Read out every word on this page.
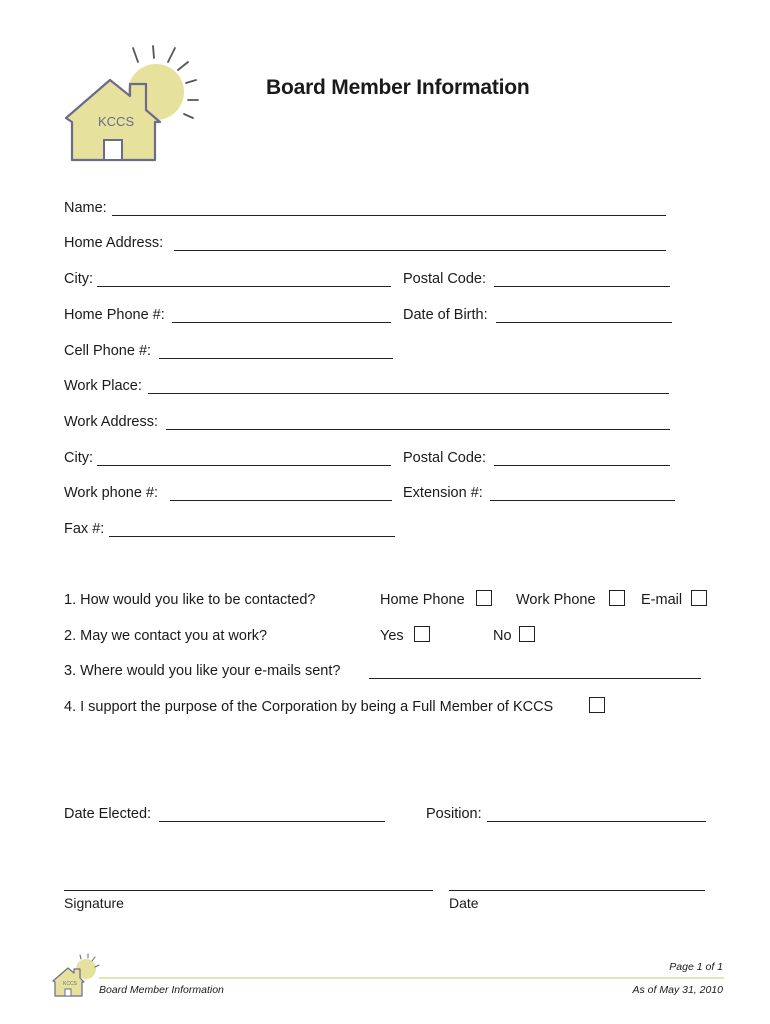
KCCS
Board Member Information
Name:
Home Address:
City:	Postal Code:
Home Phone #:	Date of Birth:
Cell Phone #:
Work Place:
Work Address:
City:	Postal Code:
Work phone #:	Extension #:
Fax #:
1. How would you like to be contacted?	Home Phone	Work Phone	E-mail
2. May we contact you at work?	Yes	No
3. Where would you like your e-mails sent?
4. I support the purpose of the Corporation by being a Full Member of KCCS
Date Elected:	Position:
Signature	Date
KCCS
Page 1 of 1
Board Member Information	As of May 31, 2010
